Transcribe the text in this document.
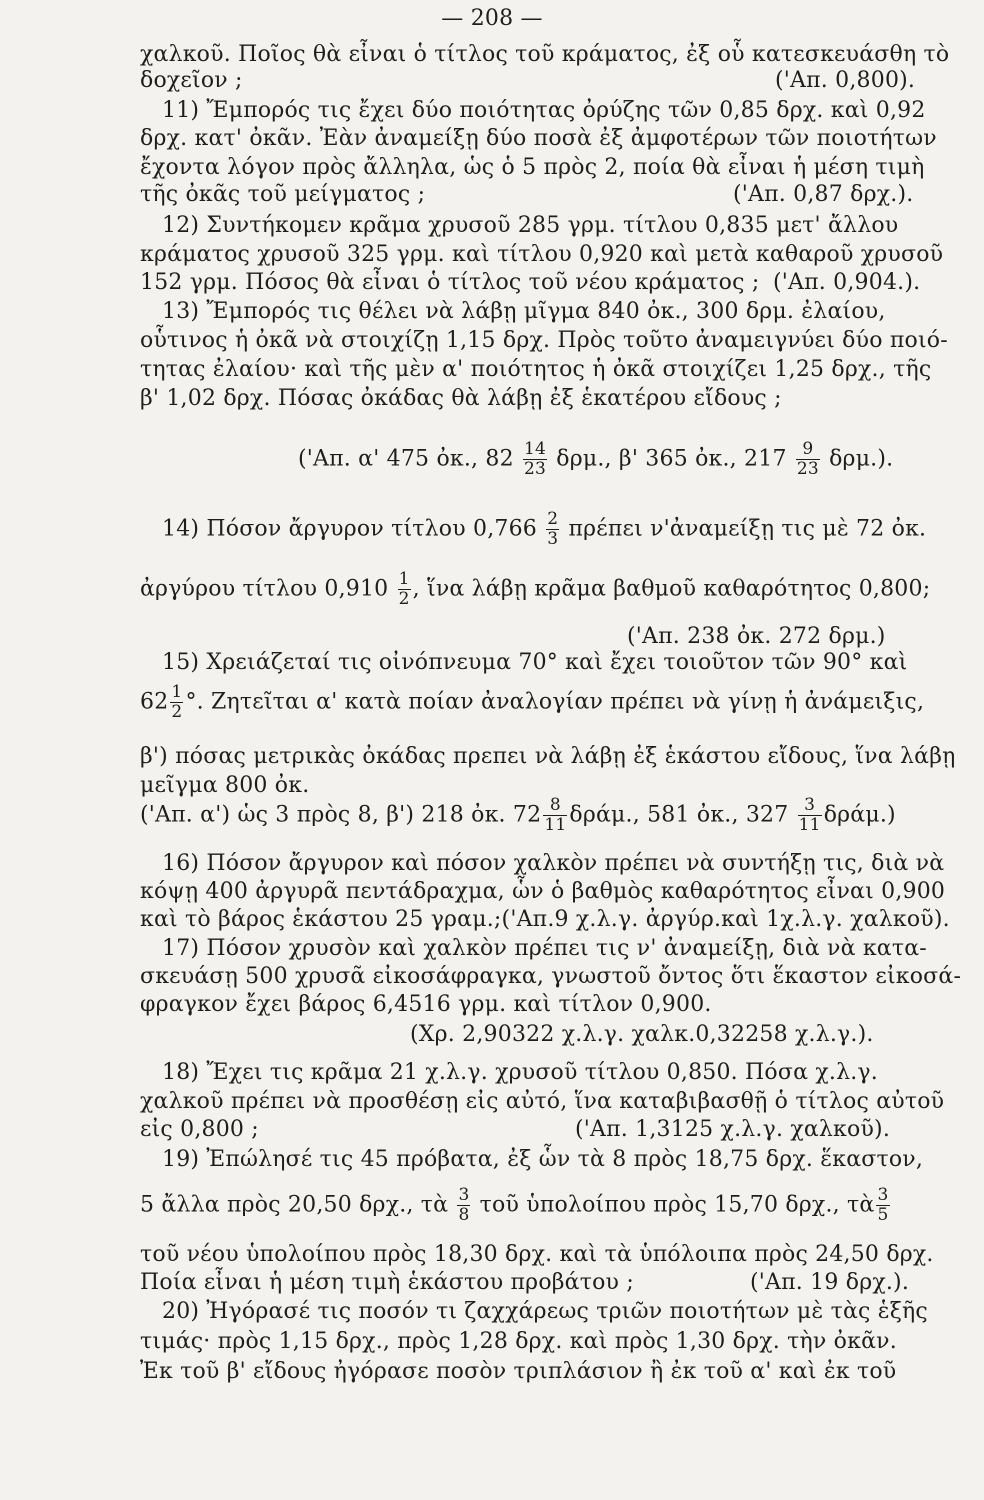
— 208 —
χαλκοῦ. Ποῖος θὰ εἶναι ὁ τίτλος τοῦ κράματος, ἐξ οὗ κατεσκευάσθη τὸ
δοχεῖον ;	('Απ. 0,800).
11) Ἔμπορός τις ἔχει δύο ποιότητας ὀρύζης τῶν 0,85 δρχ. καὶ 0,92
δρχ. κατ' ὀκᾶν. Ἐὰν ἀναμείξῃ δύο ποσὰ ἐξ ἀμφοτέρων τῶν ποιοτήτων
ἔχοντα λόγον πρὸς ἄλληλα, ὡς ὁ 5 πρὸς 2, ποία θὰ εἶναι ἡ μέση τιμὴ
τῆς ὀκᾶς τοῦ μείγματος ;	('Απ. 0,87 δρχ.).
12) Συντήκομεν κρᾶμα χρυσοῦ 285 γρμ. τίτλου 0,835 μετ' ἄλλου
κράματος χρυσοῦ 325 γρμ. καὶ τίτλου 0,920 καὶ μετὰ καθαροῦ χρυσοῦ
152 γρμ. Πόσος θὰ εἶναι ὁ τίτλος τοῦ νέου κράματος ; ('Απ. 0,904.).
13) Ἔμπορός τις θέλει νὰ λάβῃ μῖγμα 840 ὀκ., 300 δρμ. ἐλαίου,
οὗτινος ἡ ὀκᾶ νὰ στοιχίζῃ 1,15 δρχ. Πρὸς τοῦτο ἀναμειγνύει δύο ποιό-
τητας ἐλαίου· καὶ τῆς μὲν α' ποιότητος ἡ ὀκᾶ στοιχίζει 1,25 δρχ., τῆς
β' 1,02 δρχ. Πόσας ὀκάδας θὰ λάβῃ ἐξ ἑκατέρου εἴδους ;
('Απ. α' 475 ὀκ., $82 \frac{14}{23} \delta\rho\mu$., β' 365 ὀκ., $217 \frac{9}{23} \delta\rho\mu$.).
14) Πόσον ἄργυρον τίτλου $0,766 \frac{2}{3}$ πρέπει ν'ἀναμείξῃ τις μὲ 72 ὀκ.
ἀργύρου τίτλου $0,910 \frac{1}{2}$ , ἵνα λάβῃ κρᾶμα βαθμοῦ καθαρότητος 0,800;
('Απ. 238 ὀκ. 272 δρμ.)
15) Χρειάζεταί τις οἰνόπνευμα 70° καὶ ἔχει τοιοῦτον τῶν 90° καὶ
$62 \frac{1}{2}$ °. Ζητεῖται α' κατὰ ποίαν ἀναλογίαν πρέπει νὰ γίνῃ ἡ ἀνάμειξις,
β') πόσας μετρικὰς ὀκάδας πρεπει νὰ λάβῃ ἐξ ἑκάστου εἴδους, ἵνα λάβῃ
μεῖγμα 800 ὀκ.
('Απ. α') ὡς 3 πρὸς 8, β') 218 ὀκ. $72 \frac{8}{11} \delta\rho ά\mu$., 581 ὀκ., $327 \frac{3}{11} \delta\rho ά\mu$.)
16) Πόσον ἄργυρον καὶ πόσον χαλκὸν πρέπει νὰ συντήξῃ τις, διὰ νὰ
κόψῃ 400 ἀργυρᾶ πεντάδραχμα, ὧν ὁ βαθμὸς καθαρότητος εἶναι 0,900
καὶ τὸ βάρος ἑκάστου 25 γραμ.;('Απ.9 χ.λ.γ. ἀργύρ.καὶ 1χ.λ.γ. χαλκοῦ).
17) Πόσον χρυσὸν καὶ χαλκὸν πρέπει τις ν' ἀναμείξῃ, διὰ νὰ κατα-
σκευάσῃ 500 χρυσᾶ εἰκοσάφραγκα, γνωστοῦ ὄντος ὅτι ἕκαστον εἰκοσά-
φραγκον ἔχει βάρος 6,4516 γρμ. καὶ τίτλον 0,900.
(Χρ. 2,90322 χ.λ.γ. χαλκ.0,32258 χ.λ.γ.).
18) Ἔχει τις κρᾶμα 21 χ.λ.γ. χρυσοῦ τίτλου 0,850. Πόσα χ.λ.γ.
χαλκοῦ πρέπει νὰ προσθέσῃ εἰς αὐτό, ἵνα καταβιβασθῇ ὁ τίτλος αὐτοῦ
εἰς 0,800 ;	('Απ. 1,3125 χ.λ.γ. χαλκοῦ).
19) Ἐπώλησέ τις 45 πρόβατα, ἐξ ὧν τὰ 8 πρὸς 18,75 δρχ. ἕκαστον,
5 ἄλλα πρὸς 20,50 δρχ., τὰ $\frac{3}{8}$ τοῦ ὑπολοίπου πρὸς 15,70 δρχ., τὰ $\frac{3}{5}$
τοῦ νέου ὑπολοίπου πρὸς 18,30 δρχ. καὶ τὰ ὑπόλοιπα πρὸς 24,50 δρχ.
Ποία εἶναι ἡ μέση τιμὴ ἑκάστου προβάτου ;	('Απ. 19 δρχ.).
20) Ἠγόρασέ τις ποσόν τι ζαχχάρεως τριῶν ποιοτήτων μὲ τὰς ἑξῆς
τιμάς· πρὸς 1,15 δρχ., πρὸς 1,28 δρχ. καὶ πρὸς 1,30 δρχ. τὴν ὀκᾶν.
Ἐκ τοῦ β' εἴδους ἠγόρασε ποσὸν τριπλάσιον ἢ ἐκ τοῦ α' καὶ ἐκ τοῦ
